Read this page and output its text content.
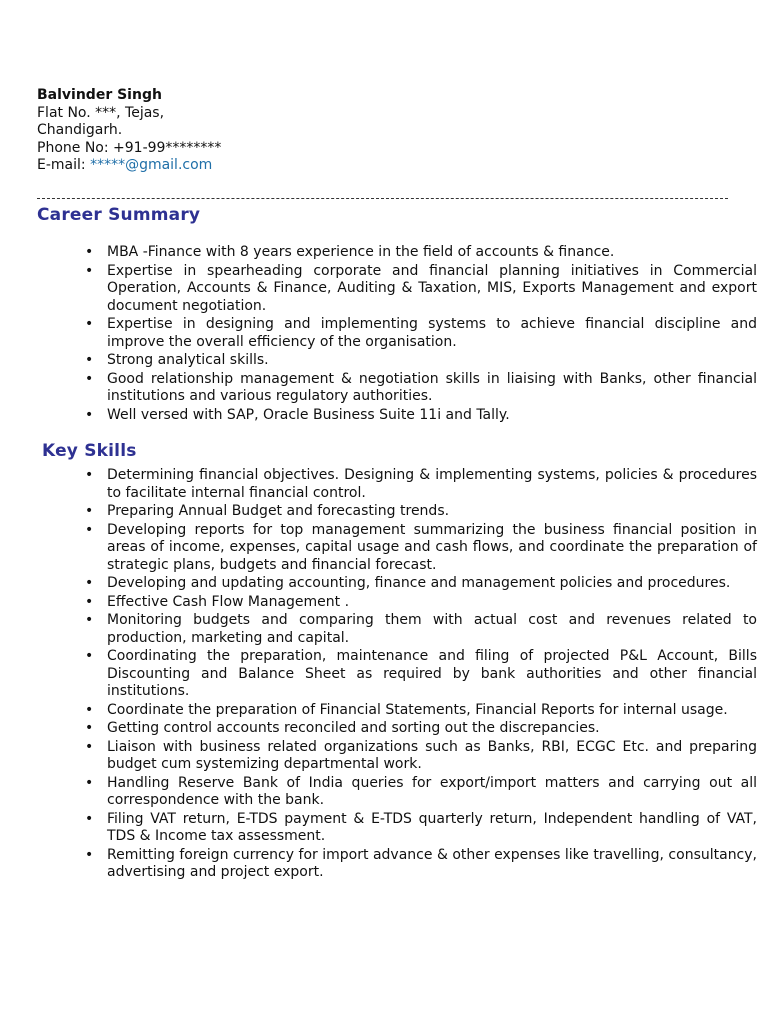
Balvinder Singh
Flat No. ***, Tejas,
Chandigarh.
Phone No: +91-99********
E-mail: *****@gmail.com
Career Summary
• MBA -Finance with 8 years experience in the field of accounts & finance.
• Expertise in spearheading corporate and financial planning initiatives in Commercial Operation, Accounts & Finance, Auditing & Taxation, MIS, Exports Management and export document negotiation.
• Expertise in designing and implementing systems to achieve financial discipline and improve the overall efficiency of the organisation.
• Strong analytical skills.
• Good relationship management & negotiation skills in liaising with Banks, other financial institutions and various regulatory authorities.
• Well versed with SAP, Oracle Business Suite 11i and Tally.
Key Skills
• Determining financial objectives. Designing & implementing systems, policies & procedures to facilitate internal financial control.
• Preparing Annual Budget and forecasting trends.
• Developing reports for top management summarizing the business financial position in areas of income, expenses, capital usage and cash flows, and coordinate the preparation of strategic plans, budgets and financial forecast.
• Developing and updating accounting, finance and management policies and procedures.
• Effective Cash Flow Management .
• Monitoring budgets and comparing them with actual cost and revenues related to production, marketing and capital.
• Coordinating the preparation, maintenance and filing of projected P&L Account, Bills Discounting and Balance Sheet as required by bank authorities and other financial institutions.
• Coordinate the preparation of Financial Statements, Financial Reports for internal usage.
• Getting control accounts reconciled and sorting out the discrepancies.
• Liaison with business related organizations such as Banks, RBI, ECGC Etc. and preparing budget cum systemizing departmental work.
• Handling Reserve Bank of India queries for export/import matters and carrying out all correspondence with the bank.
• Filing VAT return, E-TDS payment & E-TDS quarterly return, Independent handling of VAT, TDS & Income tax assessment.
• Remitting foreign currency for import advance & other expenses like travelling, consultancy, advertising and project export.
